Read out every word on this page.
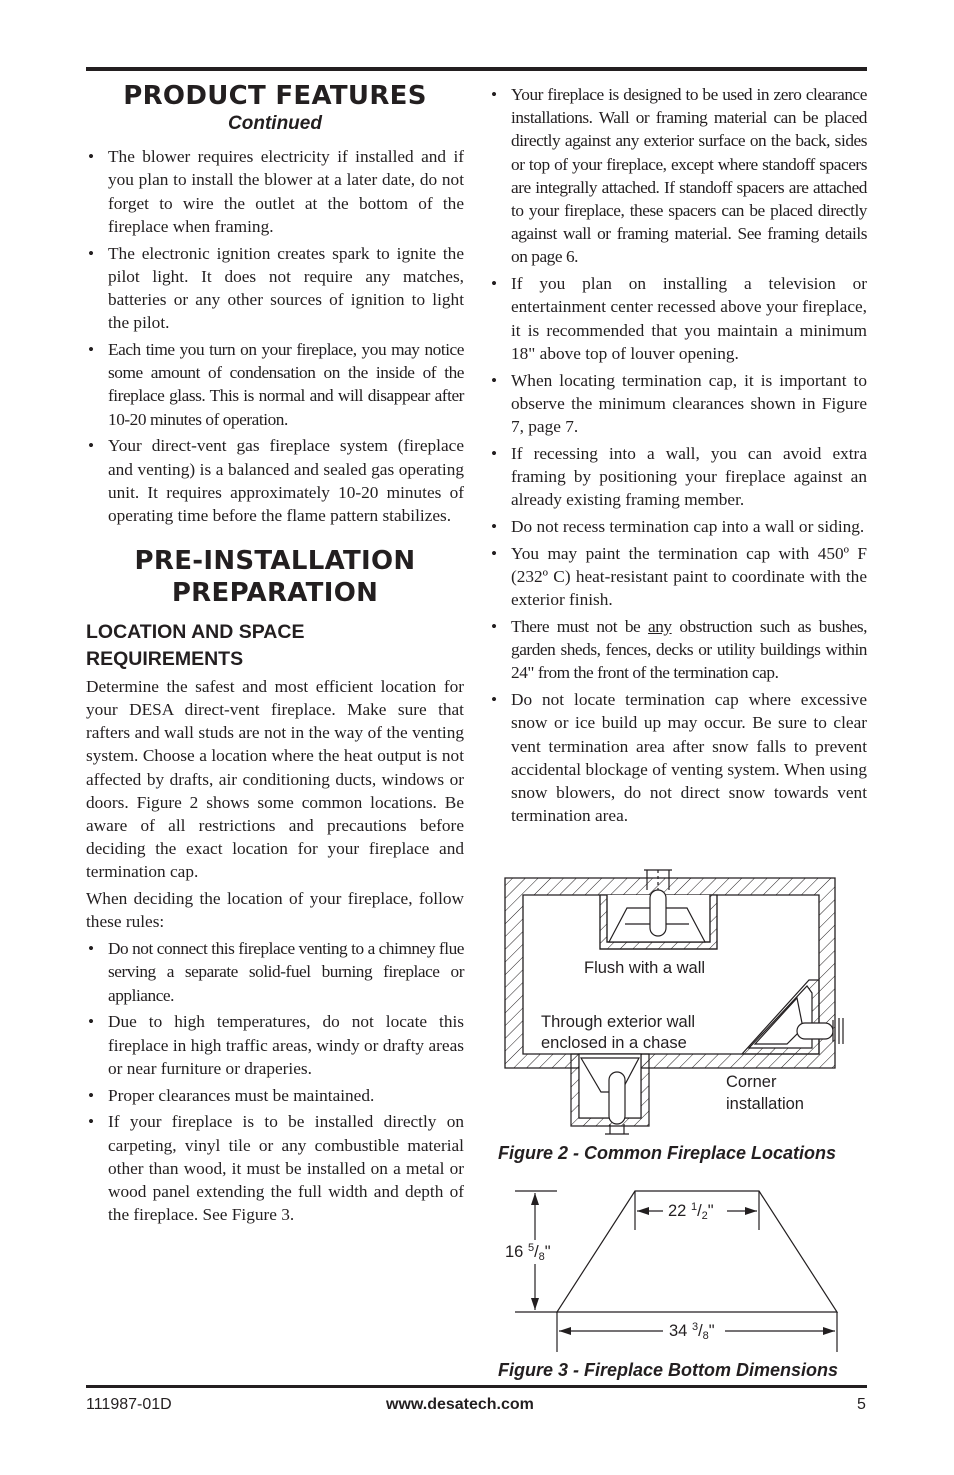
PRODUCT FEATURES
Continued
• The blower requires electricity if installed and if you plan to install the blower at a later date, do not forget to wire the outlet at the bottom of the fireplace when framing.
• The electronic ignition creates spark to ignite the pilot light. It does not require any matches, batteries or any other sources of ignition to light the pilot.
• Each time you turn on your fireplace, you may notice some amount of condensation on the inside of the fireplace glass. This is normal and will disappear after 10-20 minutes of operation.
• Your direct-vent gas fireplace system (fireplace and venting) is a balanced and sealed gas operating unit. It requires approximately 10-20 minutes of operating time before the flame pattern stabilizes.
PRE-INSTALLATION
PREPARATION
LOCATION AND SPACE REQUIREMENTS

Determine the safest and most efficient location for your DESA direct-vent fireplace. Make sure that rafters and wall studs are not in the way of the venting system. Choose a location where the heat output is not affected by drafts, air conditioning ducts, windows or doors. Figure 2 shows some common locations. Be aware of all restrictions and precautions before deciding the exact location for your fireplace and termination cap.

When deciding the location of your fireplace, follow these rules:

• Do not connect this fireplace venting to a chimney flue serving a separate solid-fuel burning fireplace or appliance.
• Due to high temperatures, do not locate this fireplace in high traffic areas, windy or drafty areas or near furniture or draperies.
• Proper clearances must be maintained.
• If your fireplace is to be installed directly on carpeting, vinyl tile or any combustible material other than wood, it must be installed on a metal or wood panel extending the full width and depth of the fireplace. See Figure 3.
• Your fireplace is designed to be used in zero clearance installations. Wall or framing material can be placed directly against any exterior surface on the back, sides or top of your fireplace, except where standoff spacers are integrally attached. If standoff spacers are attached to your fireplace, these spacers can be placed directly against wall or framing material. See framing details on page 6.
• If you plan on installing a television or entertainment center recessed above your fireplace, it is recommended that you maintain a minimum 18" above top of louver opening.
• When locating termination cap, it is important to observe the minimum clearances shown in Figure 7, page 7.
• If recessing into a wall, you can avoid extra framing by positioning your fireplace against an already existing framing member.
• Do not recess termination cap into a wall or siding.
• You may paint the termination cap with 450º F (232º C) heat-resistant paint to coordinate with the exterior finish.
• There must not be any obstruction such as bushes, garden sheds, fences, decks or utility buildings within 24" from the front of the termination cap.
• Do not locate termination cap where excessive snow or ice build up may occur. Be sure to clear vent termination area after snow falls to prevent accidental blockage of venting system. When using snow blowers, do not direct snow towards vent termination area.
Flush with a wall
Through exterior wall
enclosed in a chase
Corner
installation
Figure 2 - Common Fireplace Locations
22 $^1$/2"
16 $^5$/8"
34 $^3$/8"
Figure 3 - Fireplace Bottom Dimensions
111987-01D	www.desatech.com	5
